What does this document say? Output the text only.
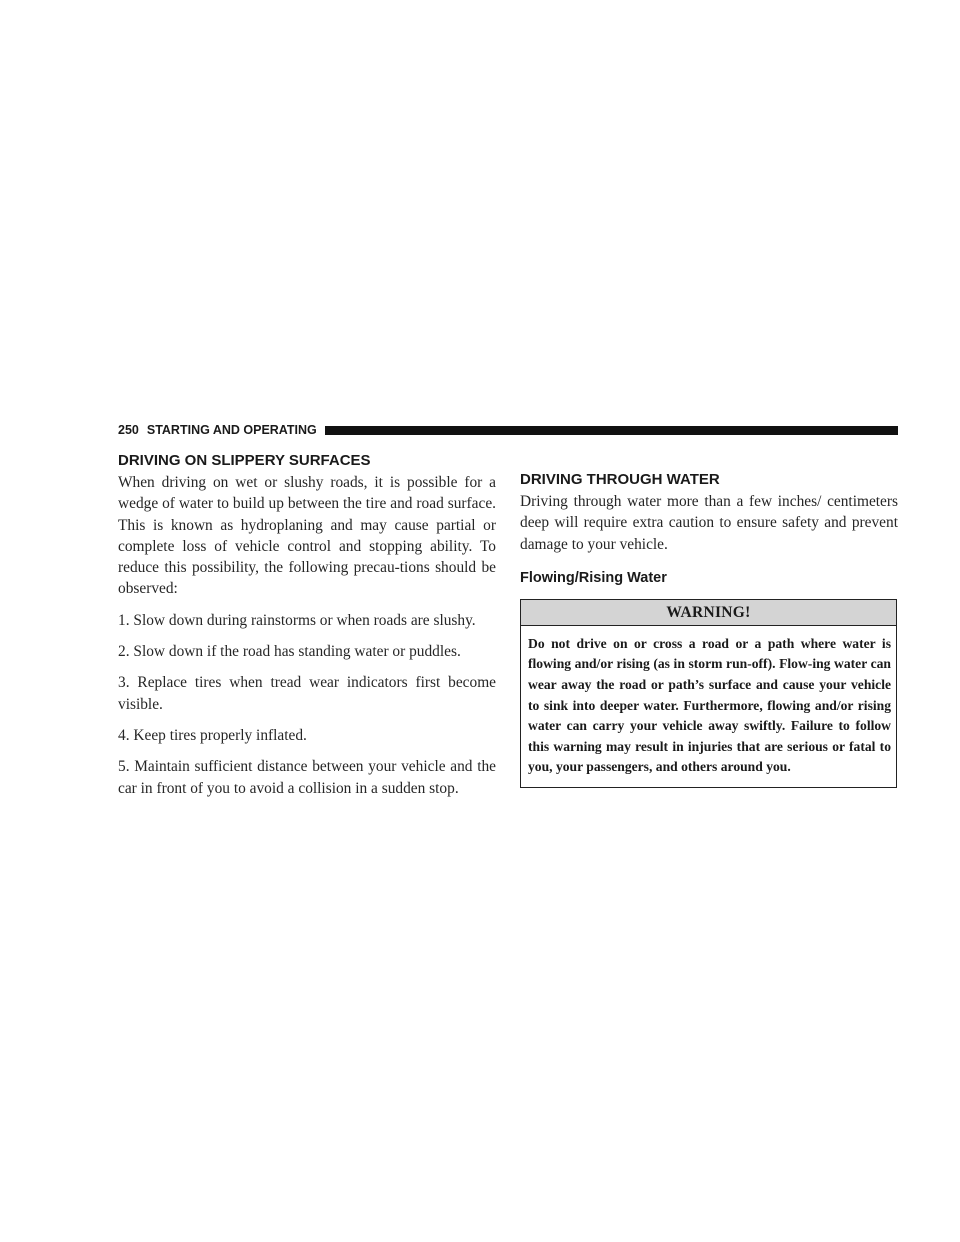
250 STARTING AND OPERATING
DRIVING ON SLIPPERY SURFACES

When driving on wet or slushy roads, it is possible for a wedge of water to build up between the tire and road surface. This is known as hydroplaning and may cause partial or complete loss of vehicle control and stopping ability. To reduce this possibility, the following precau-tions should be observed:

1. Slow down during rainstorms or when roads are slushy.
2. Slow down if the road has standing water or puddles.
3. Replace tires when tread wear indicators first become visible.
4. Keep tires properly inflated.
5. Maintain sufficient distance between your vehicle and the car in front of you to avoid a collision in a sudden stop.
DRIVING THROUGH WATER

Driving through water more than a few inches/ centimeters deep will require extra caution to ensure safety and prevent damage to your vehicle.

Flowing/Rising Water
WARNING!
Do not drive on or cross a road or a path where water is flowing and/or rising (as in storm run-off). Flow-ing water can wear away the road or path’s surface and cause your vehicle to sink into deeper water. Furthermore, flowing and/or rising water can carry your vehicle away swiftly. Failure to follow this warning may result in injuries that are serious or fatal to you, your passengers, and others around you.
